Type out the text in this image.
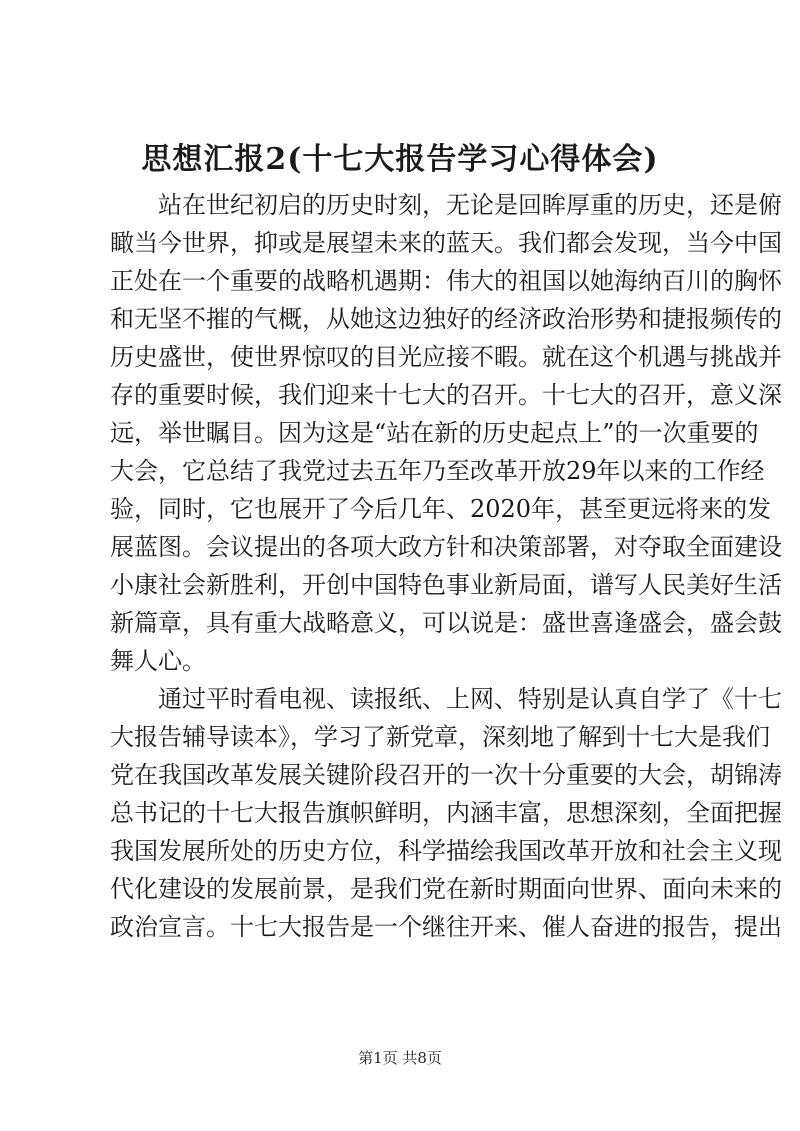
思想汇报2(十七大报告学习心得体会)
站在世纪初启的历史时刻，无论是回眸厚重的历史，还是俯
瞰当今世界，抑或是展望未来的蓝天。我们都会发现，当今中国
正处在一个重要的战略机遇期：伟大的祖国以她海纳百川的胸怀
和无坚不摧的气概，从她这边独好的经济政治形势和捷报频传的
历史盛世，使世界惊叹的目光应接不暇。就在这个机遇与挑战并
存的重要时候，我们迎来十七大的召开。十七大的召开，意义深
远，举世瞩目。因为这是“站在新的历史起点上”的一次重要的
大会，它总结了我党过去五年乃至改革开放29年以来的工作经
验，同时，它也展开了今后几年、2020年，甚至更远将来的发
展蓝图。会议提出的各项大政方针和决策部署，对夺取全面建设
小康社会新胜利，开创中国特色事业新局面，谱写人民美好生活
新篇章，具有重大战略意义，可以说是：盛世喜逢盛会，盛会鼓
舞人心。
通过平时看电视、读报纸、上网、特别是认真自学了《十七
大报告辅导读本》，学习了新党章，深刻地了解到十七大是我们
党在我国改革发展关键阶段召开的一次十分重要的大会，胡锦涛
总书记的十七大报告旗帜鲜明，内涵丰富，思想深刻，全面把握
我国发展所处的历史方位，科学描绘我国改革开放和社会主义现
代化建设的发展前景，是我们党在新时期面向世界、面向未来的
政治宣言。十七大报告是一个继往开来、催人奋进的报告，提出
第1页 共8页
